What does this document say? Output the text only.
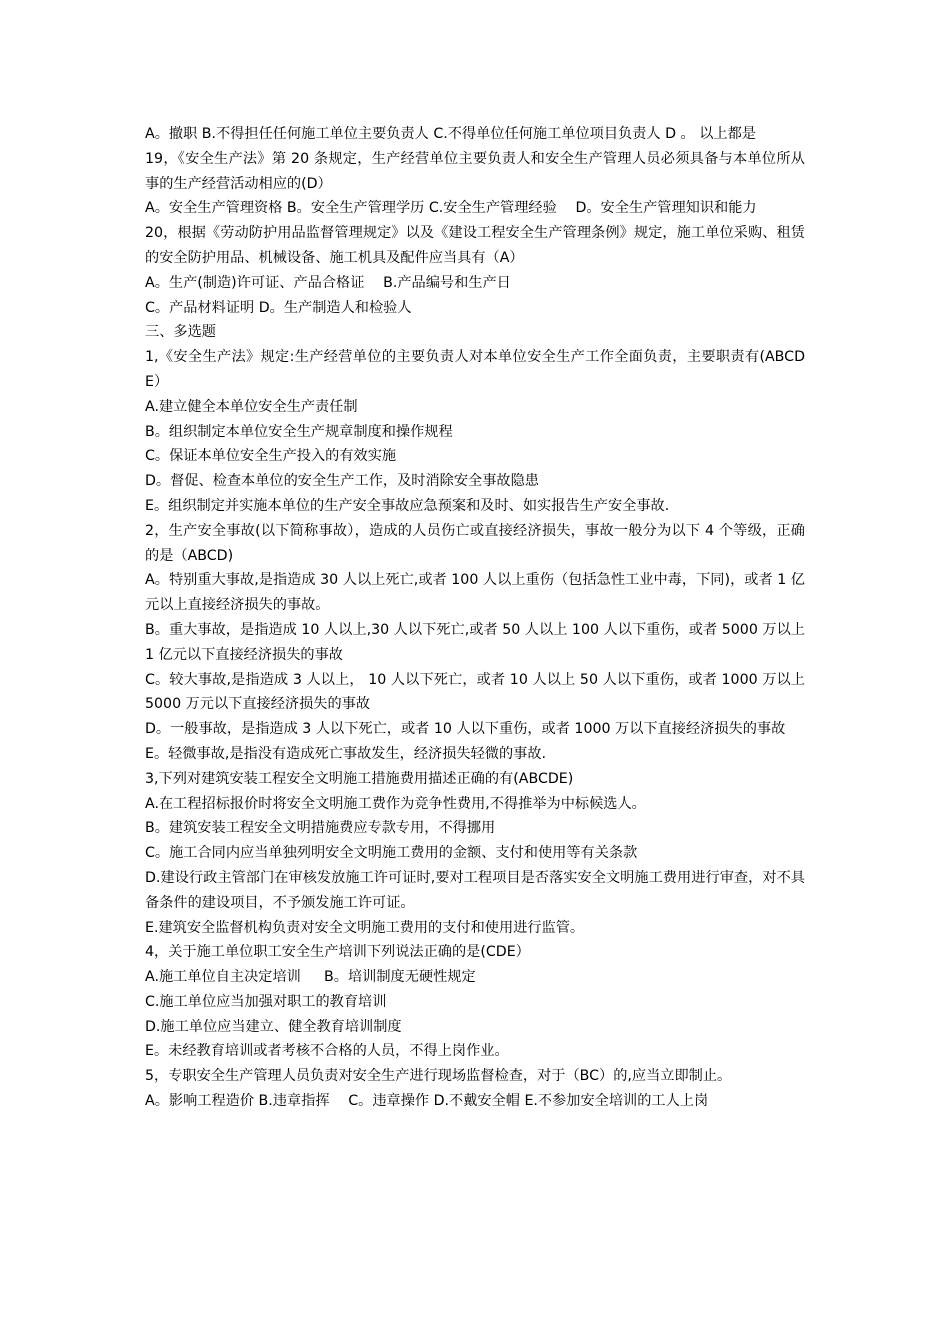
A。撤职 B.不得担任任何施工单位主要负责人 C.不得单位任何施工单位项目负责人 D 。 以上都是

19，《安全生产法》第 20 条规定，生产经营单位主要负责人和安全生产管理人员必须具备与本单位所从事的生产经营活动相应的(D）

A。安全生产管理资格 B。安全生产管理学历 C.安全生产管理经验 　D。安全生产管理知识和能力

20，根据《劳动防护用品监督管理规定》以及《建设工程安全生产管理条例》规定，施工单位采购、租赁的安全防护用品、机械设备、施工机具及配件应当具有（A）

A。生产(制造)许可证、产品合格证 　B.产品编号和生产日

C。产品材料证明 D。生产制造人和检验人

三、多选题

1,《安全生产法》规定:生产经营单位的主要负责人对本单位安全生产工作全面负责，主要职责有(ABCDE）

A.建立健全本单位安全生产责任制

B。组织制定本单位安全生产规章制度和操作规程

C。保证本单位安全生产投入的有效实施

D。督促、检查本单位的安全生产工作，及时消除安全事故隐患

E。组织制定并实施本单位的生产安全事故应急预案和及时、如实报告生产安全事故.

2，生产安全事故(以下简称事故），造成的人员伤亡或直接经济损失，事故一般分为以下 4 个等级，正确的是（ABCD)

A。特别重大事故,是指造成 30 人以上死亡,或者 100 人以上重伤（包括急性工业中毒，下同)，或者 1 亿元以上直接经济损失的事故。

B。重大事故，是指造成 10 人以上,30 人以下死亡,或者 50 人以上 100 人以下重伤，或者 5000 万以上 1 亿元以下直接经济损失的事故

C。较大事故,是指造成 3 人以上， 10 人以下死亡，或者 10 人以上 50 人以下重伤，或者 1000 万以上 5000 万元以下直接经济损失的事故

D。一般事故，是指造成 3 人以下死亡，或者 10 人以下重伤，或者 1000 万以下直接经济损失的事故

E。轻微事故,是指没有造成死亡事故发生，经济损失轻微的事故.

3,下列对建筑安装工程安全文明施工措施费用描述正确的有(ABCDE)

A.在工程招标报价时将安全文明施工费作为竞争性费用,不得推举为中标候选人。

B。建筑安装工程安全文明措施费应专款专用，不得挪用

C。施工合同内应当单独列明安全文明施工费用的金额、支付和使用等有关条款

D.建设行政主管部门在审核发放施工许可证时,要对工程项目是否落实安全文明施工费用进行审查，对不具备条件的建设项目，不予颁发施工许可证。

E.建筑安全监督机构负责对安全文明施工费用的支付和使用进行监管。

4，关于施工单位职工安全生产培训下列说法正确的是(CDE）

A.施工单位自主决定培训 　 B。培训制度无硬性规定

C.施工单位应当加强对职工的教育培训

D.施工单位应当建立、健全教育培训制度

E。未经教育培训或者考核不合格的人员，不得上岗作业。

5，专职安全生产管理人员负责对安全生产进行现场监督检查，对于（BC）的,应当立即制止。

A。影响工程造价 B.违章指挥 　C。违章操作 D.不戴安全帽 E.不参加安全培训的工人上岗
